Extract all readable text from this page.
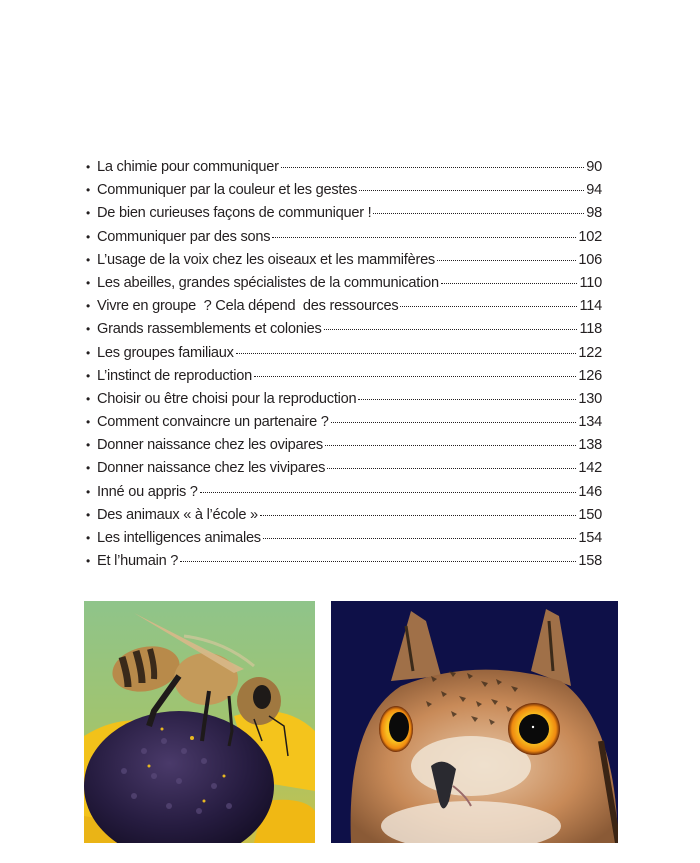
• La chimie pour communiquer	90
• Communiquer par la couleur et les gestes	94
• De bien curieuses façons de communiquer !	98
• Communiquer par des sons	102
• L’usage de la voix chez les oiseaux et les mammifères	106
• Les abeilles, grandes spécialistes de la communication	110
• Vivre en groupe  ? Cela dépend  des ressources	114
• Grands rassemblements et colonies	118
• Les groupes familiaux	122
• L’instinct de reproduction	126
• Choisir ou être choisi pour la reproduction	130
• Comment convaincre un partenaire ?	134
• Donner naissance chez les ovipares	138
• Donner naissance chez les vivipares	142
• Inné ou appris ?	146
• Des animaux « à l’école »	150
• Les intelligences animales	154
• Et l’humain ?	158
